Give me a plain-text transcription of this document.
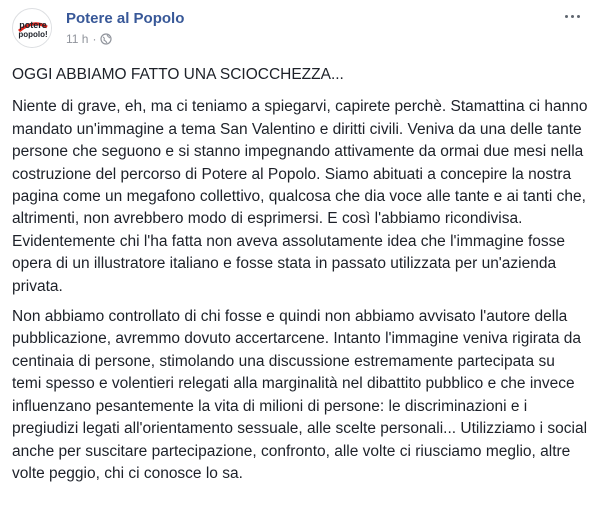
potere
popolo!
Potere al Popolo
11 h ·

OGGI ABBIAMO FATTO UNA SCIOCCHEZZA...

Niente di grave, eh, ma ci teniamo a spiegarvi, capirete perchè. Stamattina ci hanno mandato un'immagine a tema San Valentino e diritti civili. Veniva da una delle tante persone che seguono e si stanno impegnando attivamente da ormai due mesi nella costruzione del percorso di Potere al Popolo. Siamo abituati a concepire la nostra pagina come un megafono collettivo, qualcosa che dia voce alle tante e ai tanti che, altrimenti, non avrebbero modo di esprimersi. E così l'abbiamo ricondivisa. Evidentemente chi l'ha fatta non aveva assolutamente idea che l'immagine fosse opera di un illustratore italiano e fosse stata in passato utilizzata per un'azienda privata.

Non abbiamo controllato di chi fosse e quindi non abbiamo avvisato l'autore della pubblicazione, avremmo dovuto accertarcene. Intanto l'immagine veniva rigirata da centinaia di persone, stimolando una discussione estremamente partecipata su temi spesso e volentieri relegati alla marginalità nel dibattito pubblico e che invece influenzano pesantemente la vita di milioni di persone: le discriminazioni e i pregiudizi legati all'orientamento sessuale, alle scelte personali... Utilizziamo i social anche per suscitare partecipazione, confronto, alle volte ci riusciamo meglio, altre volte peggio, chi ci conosce lo sa.
